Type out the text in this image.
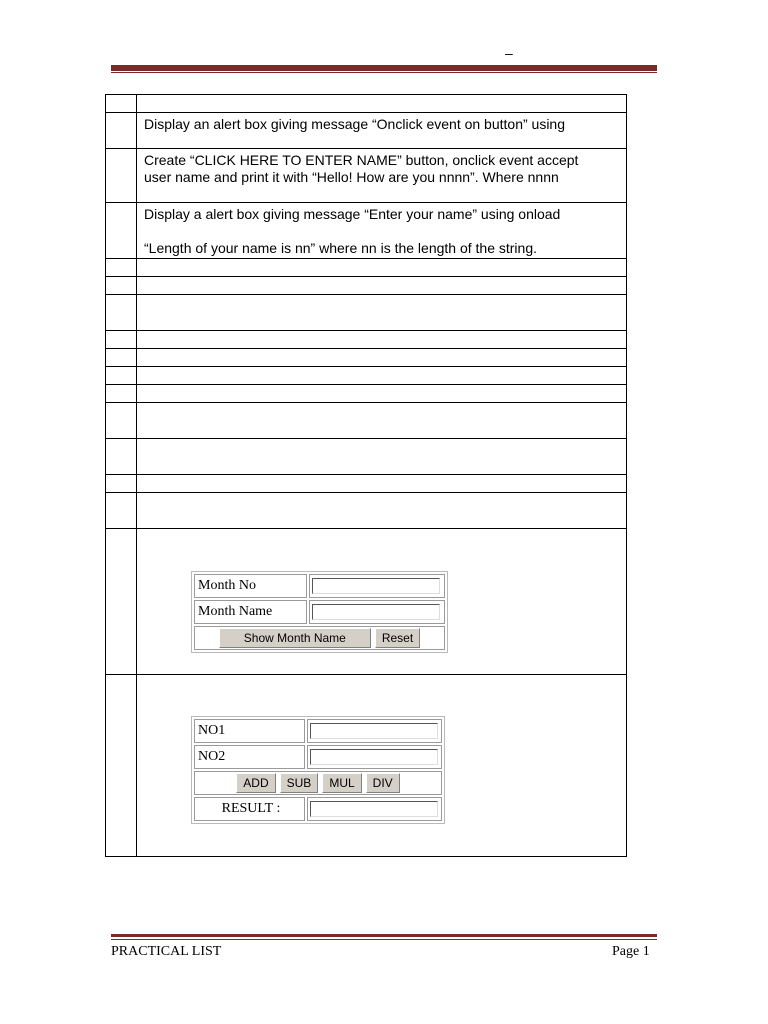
–

	Display an alert box giving message “Onclick event on button” using

	Create “CLICK HERE TO ENTER NAME” button, onclick event accept
user name and print it with “Hello! How are you nnnn”. Where nnnn

	Display a alert box giving message “Enter your name” using onload

“Length of your name is nn” where nn is the length of the string.

Month No	
Month Name	
Show Month Name Reset	
NO1	
NO2	
ADD SUB MUL DIV	
RESULT :	
PRACTICAL LIST	Page 1
